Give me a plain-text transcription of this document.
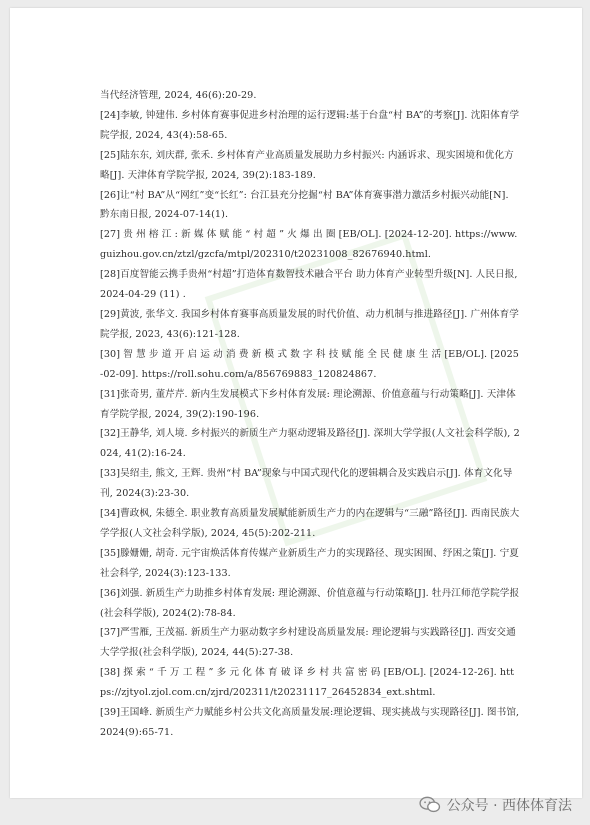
当代经济管理, 2024, 46(6):20-29.

[24]李敏, 钟建伟. 乡村体育赛事促进乡村治理的运行逻辑:基于台盘“村 BA”的考察[J]. 沈阳体育学院学报, 2024, 43(4):58-65.

[25]陆东东, 刘庆群, 张禾. 乡村体育产业高质量发展助力乡村振兴: 内涵诉求、现实困境和优化方略[J]. 天津体育学院学报, 2024, 39(2):183-189.

[26]让“村 BA”从“网红”变“长红”: 台江县充分挖掘“村 BA”体育赛事潜力激活乡村振兴动能[N]. 黔东南日报, 2024-07-14(1).

[27] 贵 州 榕 江 : 新 媒 体 赋 能 “ 村 超 ” 火 爆 出 圈 [EB/OL]. [2024-12-20]. https://www.guizhou.gov.cn/ztzl/gzcfa/mtpl/202310/t20231008_82676940.html.

[28]百度智能云携手贵州“村超”打造体育数智技术融合平台 助力体育产业转型升级[N]. 人民日报, 2024-04-29 (11) .

[29]黄波, 张华文. 我国乡村体育赛事高质量发展的时代价值、动力机制与推进路径[J]. 广州体育学院学报, 2023, 43(6):121-128.

[30] 智 慧 步 道 开 启 运 动 消 费 新 模 式 数 字 科 技 赋 能 全 民 健 康 生 活 [EB/OL]. [2025-02-09]. https://roll.sohu.com/a/856769883_120824867.

[31]张奇男, 董芹芹. 新内生发展模式下乡村体育发展: 理论溯源、价值意蕴与行动策略[J]. 天津体育学院学报, 2024, 39(2):190-196.

[32]王静华, 刘人境. 乡村振兴的新质生产力驱动逻辑及路径[J]. 深圳大学学报(人文社会科学版), 2024, 41(2):16-24.

[33]吴绍圭, 熊文, 王辉. 贵州“村 BA”现象与中国式现代化的逻辑耦合及实践启示[J]. 体育文化导刊, 2024(3):23-30.

[34]曹政枫, 朱德全. 职业教育高质量发展赋能新质生产力的内在逻辑与“三融”路径[J]. 西南民族大学学报(人文社会科学版), 2024, 45(5):202-211.

[35]滕姗姗, 胡奇. 元宇宙焕活体育传媒产业新质生产力的实现路径、现实困囿、纾困之策[J]. 宁夏社会科学, 2024(3):123-133.

[36]刘强. 新质生产力助推乡村体育发展: 理论溯源、价值意蕴与行动策略[J]. 牡丹江师范学院学报(社会科学版), 2024(2):78-84.

[37]严雪雁, 王茂福. 新质生产力驱动数字乡村建设高质量发展: 理论逻辑与实践路径[J]. 西安交通大学学报(社会科学版), 2024, 44(5):27-38.

[38] 探 索 “ 千 万 工 程 ” 多 元 化 体 育 破 译 乡 村 共 富 密 码 [EB/OL]. [2024-12-26]. https://zjtyol.zjol.com.cn/zjrd/202311/t20231117_26452834_ext.shtml.

[39]王国峰. 新质生产力赋能乡村公共文化高质量发展:理论逻辑、现实挑战与实现路径[J]. 图书馆, 2024(9):65-71.

公众号 · 西体体育法
